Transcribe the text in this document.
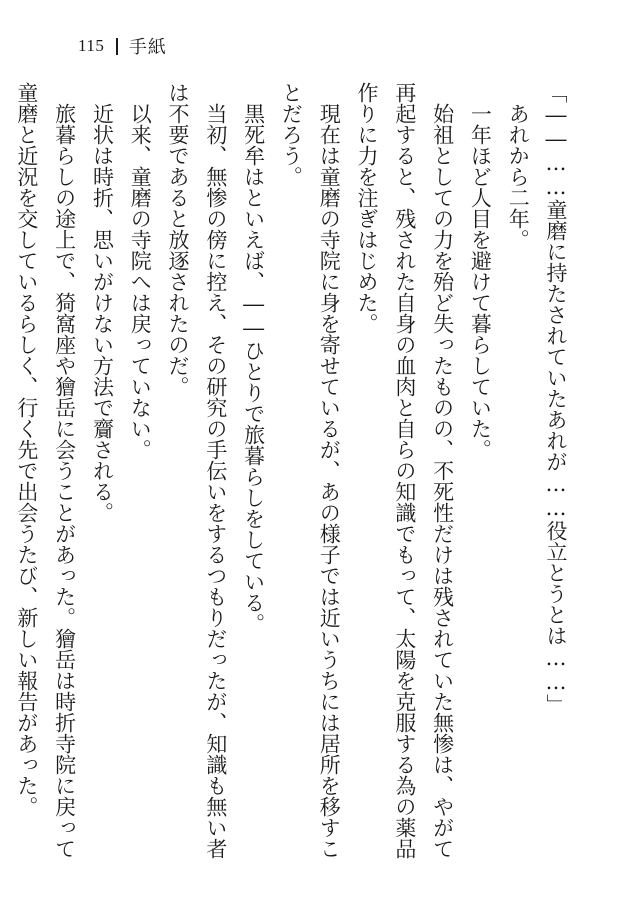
115 手紙

「――……童磨に持たされていたあれが……役立とうとは……」

　あれから二年。

　一年ほど人目を避けて暮らしていた。

　始祖としての力を殆ど失ったものの、不死性だけは残されていた無惨は、やがて

再起すると、残された自身の血肉と自らの知識でもって、太陽を克服する為の薬品

作りに力を注ぎはじめた。

　現在は童磨の寺院に身を寄せているが、あの様子では近いうちには居所を移すこ

とだろう。

　黒死牟はといえば、――ひとりで旅暮らしをしている。

　当初、無惨の傍に控え、その研究の手伝いをするつもりだったが、知識も無い者

は不要であると放逐されたのだ。

　以来、童磨の寺院へは戻っていない。

　近状は時折、思いがけない方法で齎される。

　旅暮らしの途上で、猗窩座や獪岳に会うことがあった。獪岳は時折寺院に戻って

童磨と近況を交しているらしく、行く先で出会うたび、新しい報告があった。
